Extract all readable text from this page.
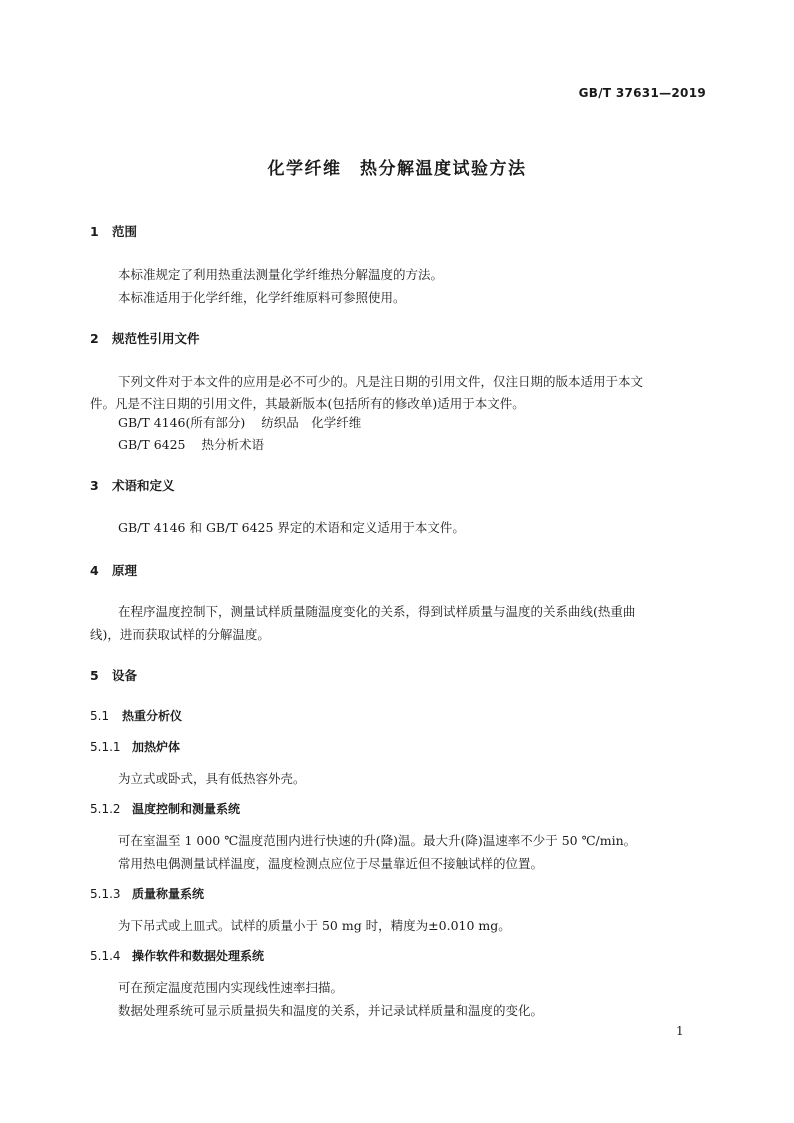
GB/T 37631—2019
化学纤维　热分解温度试验方法
1 范围
本标准规定了利用热重法测量化学纤维热分解温度的方法。
本标准适用于化学纤维，化学纤维原料可参照使用。
2 规范性引用文件
下列文件对于本文件的应用是必不可少的。凡是注日期的引用文件，仅注日期的版本适用于本文
件。凡是不注日期的引用文件，其最新版本(包括所有的修改单)适用于本文件。
GB/T 4146(所有部分) 纺织品　化学纤维
GB/T 6425 热分析术语
3 术语和定义
GB/T 4146 和 GB/T 6425 界定的术语和定义适用于本文件。
4 原理
在程序温度控制下，测量试样质量随温度变化的关系，得到试样质量与温度的关系曲线(热重曲
线)，进而获取试样的分解温度。
5 设备
5.1 热重分析仪
5.1.1 加热炉体
为立式或卧式，具有低热容外壳。
5.1.2 温度控制和测量系统
可在室温至 1 000 ℃温度范围内进行快速的升(降)温。最大升(降)温速率不少于 50 ℃/min。
常用热电偶测量试样温度，温度检测点应位于尽量靠近但不接触试样的位置。
5.1.3 质量称量系统
为下吊式或上皿式。试样的质量小于 50 mg 时，精度为±0.010 mg。
5.1.4 操作软件和数据处理系统
可在预定温度范围内实现线性速率扫描。
数据处理系统可显示质量损失和温度的关系，并记录试样质量和温度的变化。
1
